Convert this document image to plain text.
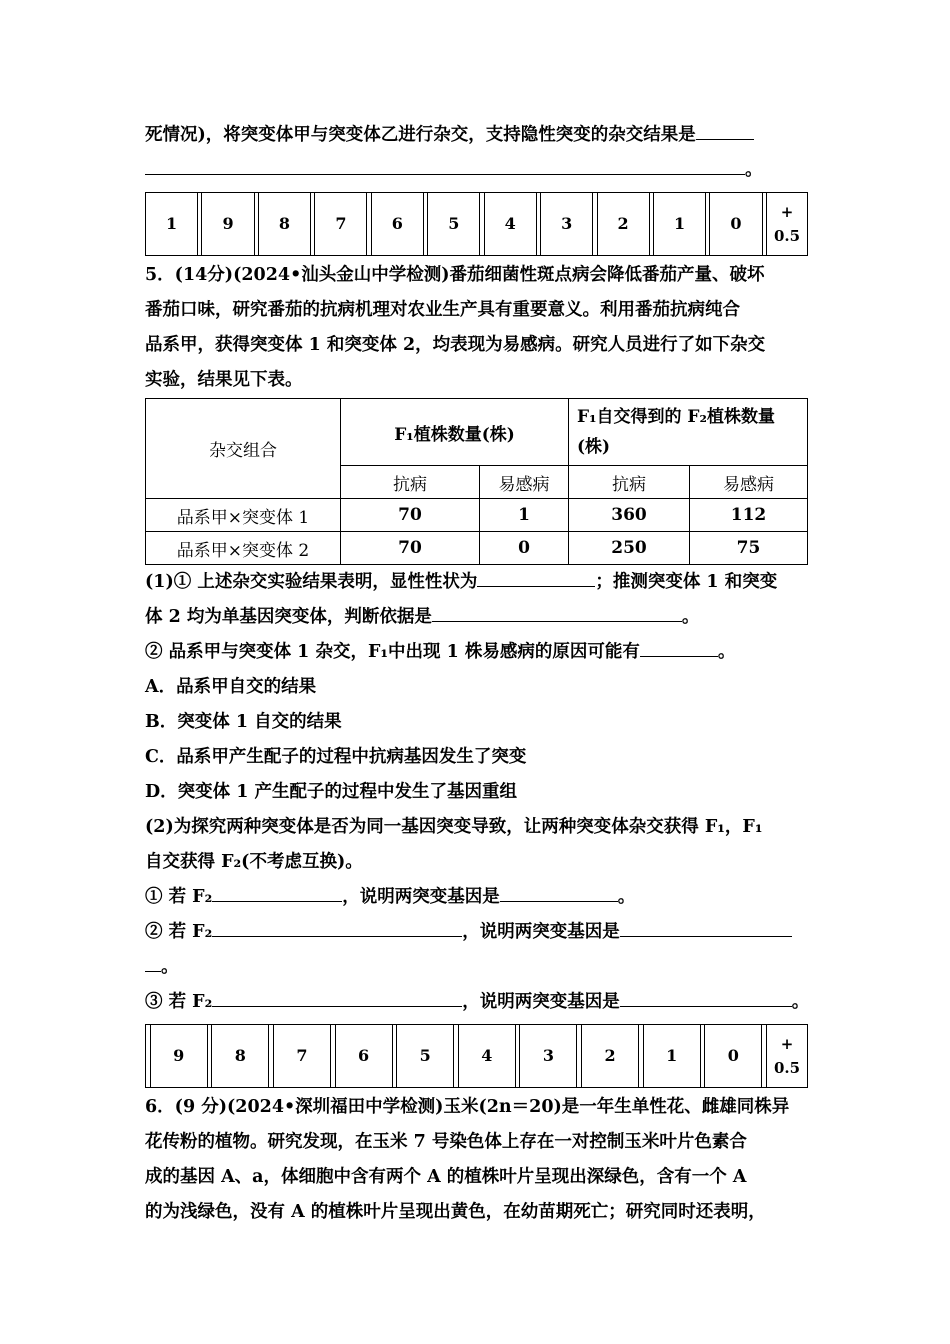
死情况)，将突变体甲与突变体乙进行杂交，支持隐性突变的杂交结果是
。
1		9		8		7		6		5		4		3		2		1		0		+
0.5
5．(14分)(2024•汕头金山中学检测)番茄细菌性斑点病会降低番茄产量、破坏
番茄口味，研究番茄的抗病机理对农业生产具有重要意义。利用番茄抗病纯合
品系甲，获得突变体 1 和突变体 2，均表现为易感病。研究人员进行了如下杂交
实验，结果见下表。
杂交组合	F₁植株数量(株)		F₁自交得到的 F₂植株数量(株)	
	抗病	易感病	抗病	易感病
品系甲×突变体 1	70	1	360	112
品系甲×突变体 2	70	0	250	75
(1)① 上述杂交实验结果表明，显性性状为	；推测突变体 1 和突变
体 2 均为单基因突变体，判断依据是	。
② 品系甲与突变体 1 杂交，F₁中出现 1 株易感病的原因可能有	。
A．品系甲自交的结果
B．突变体 1 自交的结果
C．品系甲产生配子的过程中抗病基因发生了突变
D．突变体 1 产生配子的过程中发生了基因重组
(2)为探究两种突变体是否为同一基因突变导致，让两种突变体杂交获得 F₁，F₁
自交获得 F₂(不考虑互换)。
① 若 F₂	，说明两突变基因是	。
② 若 F₂	，说明两突变基因是
。
③ 若 F₂	，说明两突变基因是	。
	9		8		7		6		5		4		3		2		1		0		+
0.5
6．(9 分)(2024•深圳福田中学检测)玉米(2n＝20)是一年生单性花、雌雄同株异
花传粉的植物。研究发现，在玉米 7 号染色体上存在一对控制玉米叶片色素合
成的基因 A、a，体细胞中含有两个 A 的植株叶片呈现出深绿色，含有一个 A
的为浅绿色，没有 A 的植株叶片呈现出黄色，在幼苗期死亡；研究同时还表明，
